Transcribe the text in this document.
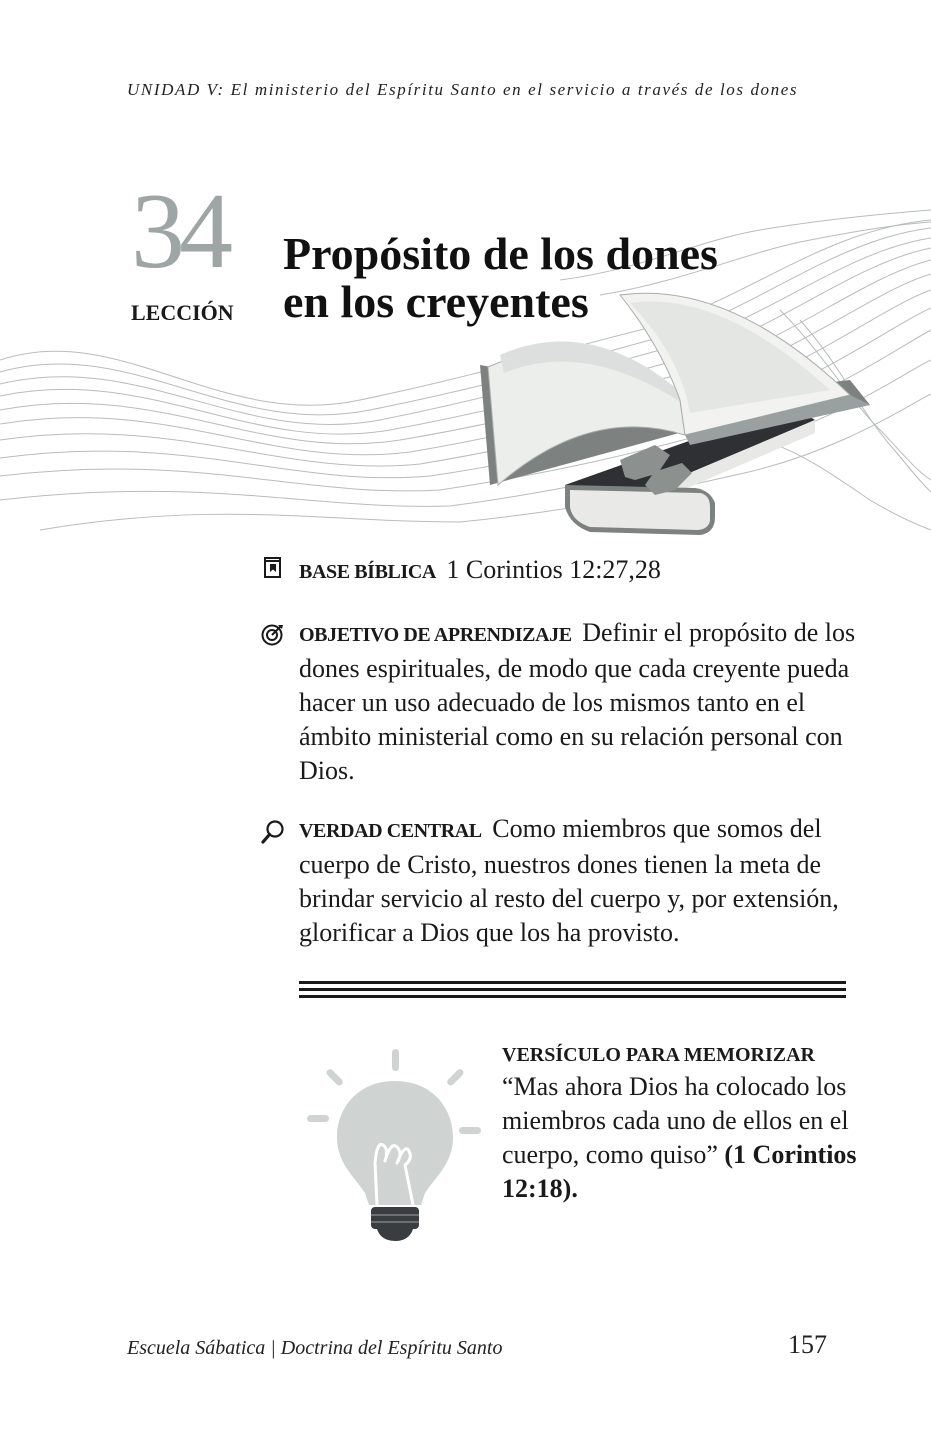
UNIDAD V: El ministerio del Espíritu Santo en el servicio a través de los dones
34
LECCIÓN
Propósito de los dones
en los creyentes
BASE BÍBLICA 1 Corintios 12:27,28
OBJETIVO DE APRENDIZAJE Definir el propósito de los dones espirituales, de modo que cada creyente pueda hacer un uso adecuado de los mismos tanto en el ámbito ministerial como en su relación personal con Dios.
VERDAD CENTRAL Como miembros que somos del cuerpo de Cristo, nuestros dones tienen la meta de brindar servicio al resto del cuerpo y, por extensión, glorificar a Dios que los ha provisto.
VERSÍCULO PARA MEMORIZAR
“Mas ahora Dios ha colocado los miembros cada uno de ellos en el cuerpo, como quiso” (1 Corintios 12:18).
Escuela Sábatica | Doctrina del Espíritu Santo	157
